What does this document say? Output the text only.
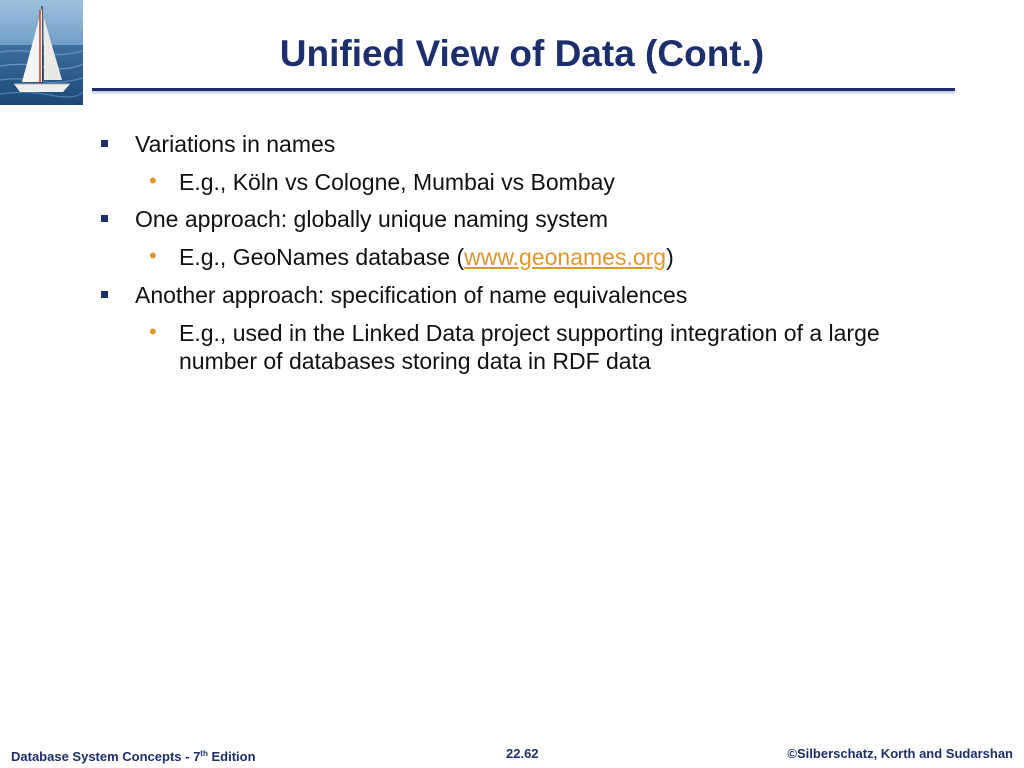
Unified View of Data (Cont.)
Variations in names
• E.g., Köln vs Cologne, Mumbai vs Bombay
One approach: globally unique naming system
• E.g., GeoNames database (www.geonames.org)
Another approach: specification of name equivalences
• E.g., used in the Linked Data project supporting integration of a large
number of databases storing data in RDF data
Database System Concepts - 7th Edition	22.62	©Silberschatz, Korth and Sudarshan
